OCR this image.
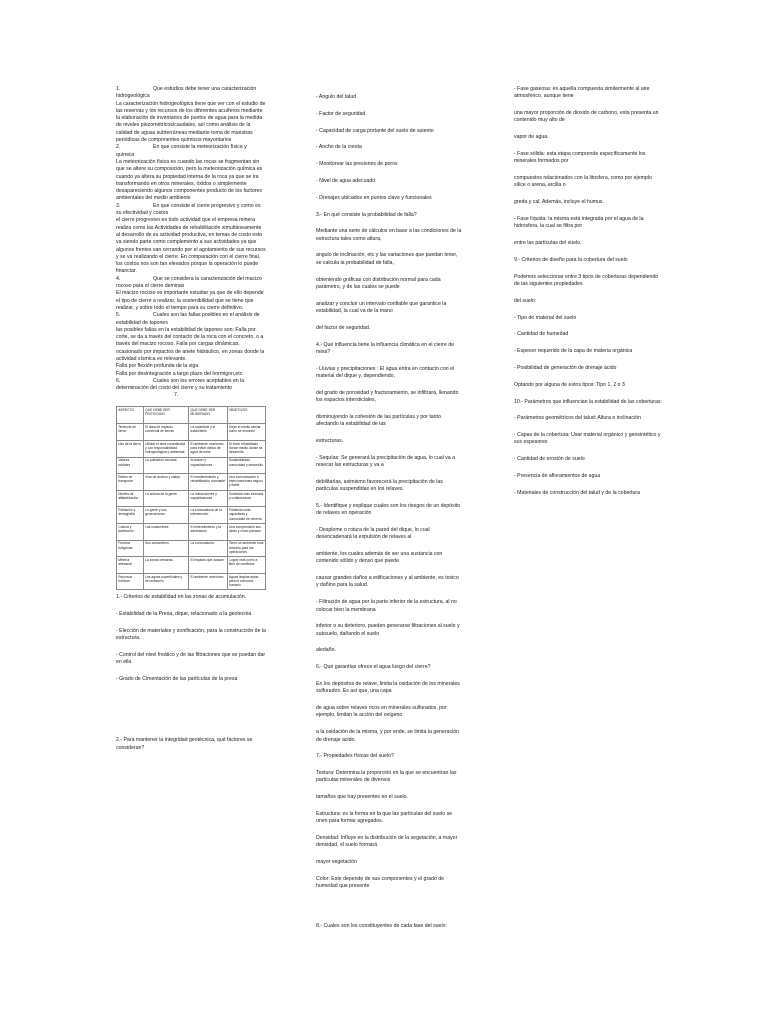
1.	Que estudios debe tener una caracterización hidrogeológica

La caracterización hidrogeológica tiene que ver con el estudio de las reservas y los recursos de los diferentes acuíferos mediante la elaboración de inventarios de puntos de agua para la medida de niveles piezométricos/caudales, así como análisis de la calidad de aguas subterráneas mediante toma de muestras periódicas de componentes químicos mayoritarios

2.	En que consiste la meteorización física y química

La meteorización física es cuando las rocas se fragmentan sin que se altere su composición, pero la meteorización química es cuando ya altera su propiedad interna de la roca ya que se ira transformando en otros minerales, óxidos o simplemente desapareciendo algunos componentes producto de los factores ambientales del medio ambiente

3.	En que consiste el cierre progresivo y como es su efectividad y costos

el cierre progresivo es todo actividad que el empresa minera realiza como las Actividades de rehabilitación simultáneamente al desarrollo de su actividad productiva, en temas de costo esto va siendo parte como complemento a sus actividades ya que algunos frentes van cerrando por el agotamiento de sus recursos y se va realizando el cierre. En comparación con el cierre final, los costos nos son tan elevados porque la operación lo puede financiar.

4.	Que se considera la caracterización del macizo rocoso para el cierre deminas

El macizo rocoso es importante estudiar ya que de ello depende el tipo de cierre a realizar, la sostenibilidad que se tiene que realizar, y sobre todo el tiempo para su cierre definitivo.

5.	Cuales son las fallas posibles en el análisis de estabilidad de tapones

las posibles fallas en la estabilidad de tapones son: Falla por corte, se da a través del contacto de la roca con el concreto, o a través del macizo rocoso. Falla por cargas dinámicas, ocasionado por impactos de ariete hidráulico, en zonas donde la actividad sísmica es relevante.

Falla por flexión profunda de la viga

Falla por desintegración a largo plazo del hormigon,etc

6.	Cuales son los errores aceptables en la determinación del costo del cierre y su tratamiento

7.

ASPECTO	QUE DEBE SER PROTEGIDO	QUE DEBE SER MODERADO	OBJETIVOS
Tenencia de tierra	El área de impacto comercial de tierras	La superficie y el tratamiento	Dejar el medio similar como se encontró
Uso de la tierra	Utilizar el área considerada y con responsabilidad hidrogeológica y ambiental	El ambiente monitoreo para evitar daños de agua de mina	El buen rehabilitado donde medio donde se desarrolla
Valores sociales	La población cercana	Inclusión y capacitaciones	Sostenibilidad, comunidad y desarrollo
Redes de transporte	Vías de acceso y salida	El mantenimiento y rehabilitación constante	Una comunicación e interconexiones seguro y fiable
Niveles de alfabetización	La cultura de la gente	La instrucciones y capacitaciones	Sociedad más instruida y colaboradora
Población y demografía	La gente y sus generaciones	La convocatoria de la intervención	Población más capacitada y comunidad de minería
Cultura y patrimonio	Las costumbres	El entendimiento y la admiración	Una comprensión sus ideas y como piensan
Pueblos indígenas	Sus costumbres	La convocatoria	Tener un ambiente más armonio para las operaciones
Minería artesanal	La zonas cercanas	El impacto que causan	Lograr mas como a libre de conflictos
Recursos hídricos	Las aguas superficiales y del subsuelo	El ambiente monitoreo	Aguas limpias aptas para el consumo humano

1.- Criterios de estabilidad en las zonas de acumulación.

- Estabilidad de la Presa, dique, relacionado a la geotecnia

- Elección de materiales y zonificación, para la construcción de la estructura.

- Control del nivel freático y de las filtraciones que se puedan dar en ella

- Grado de Cimentación de las partículas de la presa

2.- Para mantener la integridad geotécnica, qué factores se consideran?

- Angulo del talud

- Factor de seguridad

- Capacidad de carga portante del suelo de asiento

- Ancho de la cresta

- Monitorear las presiones de poros

- Nivel de agua adecuado

- Drenajes ubicados en puntos clave y funcionales

3.- En qué consiste la probabilidad de falla?

Mediante una serie de cálculos en base a las condiciones de la estructura tales como altura,

angulo de inclinación, etc y las variaciones que puedan tener, se calcula la probabilidad de falla,

obteniendo gráficas con distribución normal para cada parámetro, y de las cuales se puede

analizar y concluir un intervalo confiable que garantice la estabilidad, la cual va de la mano

del factor de seguridad.

4.- Qué influencia tiene la influencia climática en el cierre de mina?

- Lluvias y precipitaciones : El agua entra en contacto con el material del dique y, dependiendo,

del grado de porosidad y fracturamiento, se infiltrará, llenando los espacios intersticiales,

disminuyendo la cohesión de las partículas y por tanto afectando la estabilidad de las

estructuras.

- Sequías: Se generará la precipitación de agua, lo cual va a resecar las estructuras y va a

debilitarlas, asimismo favorecerá la precipitación de las partículas suspendidas en los relaves.

5.- Identifique y explique cuales son los riesgos de un depósito de relaves en operación

- Desplome o rotura de la pared del dique, lo cual desencadenará la expulsión de relaves al

ambiente, los cuales además de ser una sustancia con contenido sólido y denso que puede

causar grandes daños a edificaciones y al ambiente, es toxico y dañino para la salud.

- Filtración de agua por la parte inferior de la estructura, al no colocar bien la membrana

inferior o su deterioro, pueden generarse filtraciones al suelo y subsuelo, dañando el suelo

aledaño.

6.- Qué garantías ofrece el agua luego del cierre?

En los depósitos de relave, limita la oxidación de los minerales sulfurados. Es así que, una capa

de agua sobre relaves ricos en minerales sulfurados, por ejemplo, limitan la acción del oxígeno

a la oxidación de la misma, y por ende, se limita la generación de drenaje acido.

7.- Propiedades físicas del suelo?

Textura: Determina la proporción en la que se encuentran las partículas minerales de diversos

tamaños que hay presentes en el suelo.

Estructura: es la forma en la que las partículas del suelo se unen para formar agregados.

Densidad: Influye en la distribución de la vegetación, a mayor densidad, el suelo formará

mayor vegetación

Color: Este depende de sus componentes y el grado de humedad que presente

8.- Cuales son los constituyentes de cada fase del suelo:

- Fase gaseosa: es aquella compuesta similarmente al aire atmosférico, aunque tiene

una mayor proporción de dioxido de carbono, esta presenta un contenido muy alto de

vapor de agua.

- Fase sólida: esta etapa comprende específicamente los minerales formados por

compuestos relacionados con la litosfera, como por ejemplo sílice o arena, arcilla o

greda y cal. Además, incluye el humus.

- Fase líquida: la misma está integrada por el agua de la hidrosfera, la cual se filtra por

entre las partículas del suelo.

9.- Criterios de diseño para la cobertura del suelo

Podemos seleccionar entre 3 tipos de coberturas dependiendo de las siguientes propiedades

del suelo:

- Tipo de material del suelo

- Cantidad de humedad

- Espesor requerido de la capa de materia orgánica

- Posibilidad de generación de drenaje ácido

Optando por alguna de estos tipos: Tipo 1, 2 o 3

10.- Parámetros que influencian la estabilidad de las coberturas:

- Parámetros geométricos del talud: Altura e inclinación

- Capas de la cobertura: Usar material orgánico y geosintético y sus espesores

- Cantidad de erosión de suelo

- Presencia de afloramientos de agua

- Materiales de construcción del talud y de la cobertura
